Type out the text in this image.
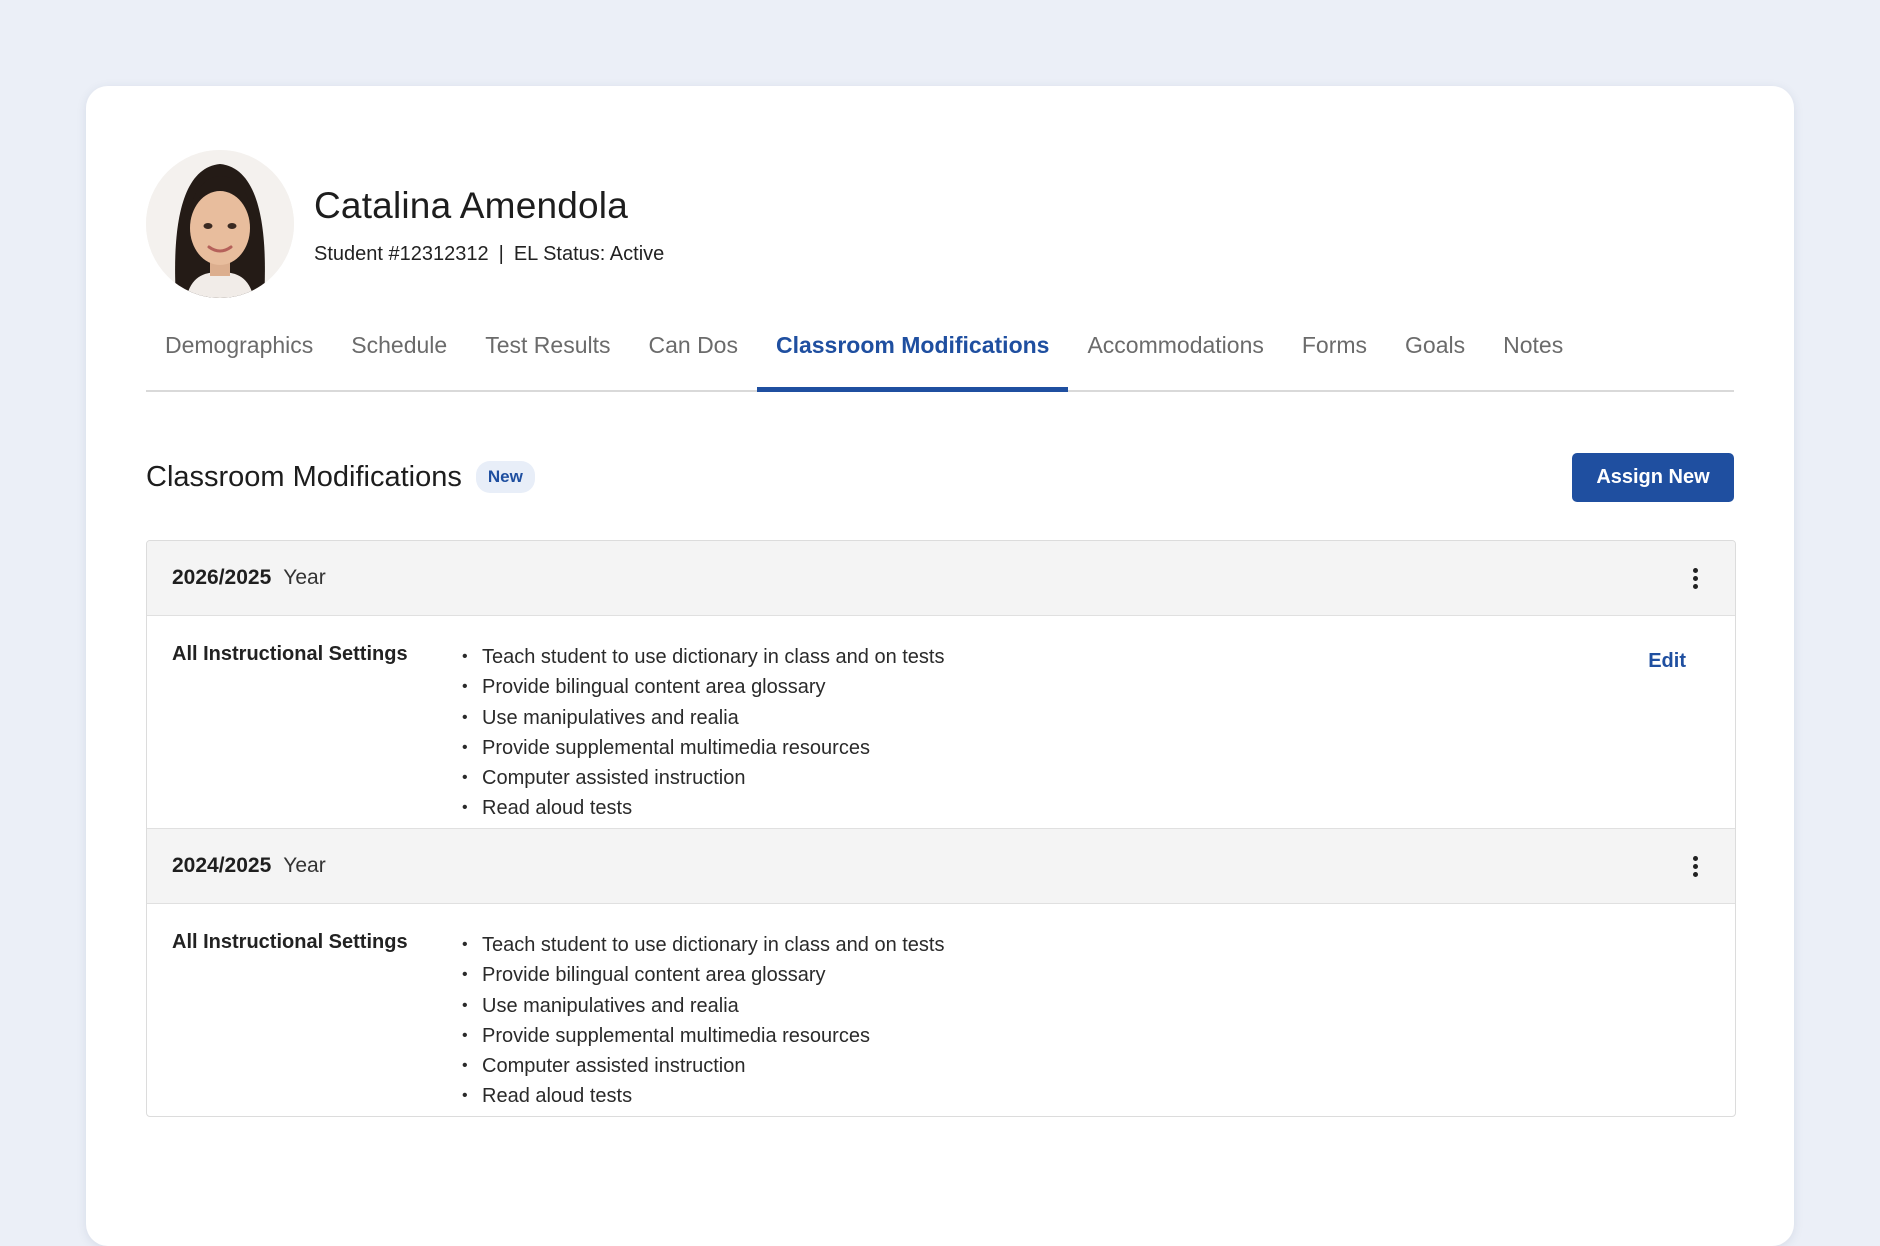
Catalina Amendola
Student #12312312 | EL Status: Active
Demographics	Schedule	Test Results	Can Dos	Classroom Modifications	Accommodations	Forms	Goals	Notes
Classroom Modifications	New	Assign New
2026/2025 Year
All Instructional Settings	• Teach student to use dictionary in class and on tests
• Provide bilingual content area glossary
• Use manipulatives and realia
• Provide supplemental multimedia resources
• Computer assisted instruction
• Read aloud tests
Edit
2024/2025 Year
All Instructional Settings	• Teach student to use dictionary in class and on tests
• Provide bilingual content area glossary
• Use manipulatives and realia
• Provide supplemental multimedia resources
• Computer assisted instruction
• Read aloud tests
